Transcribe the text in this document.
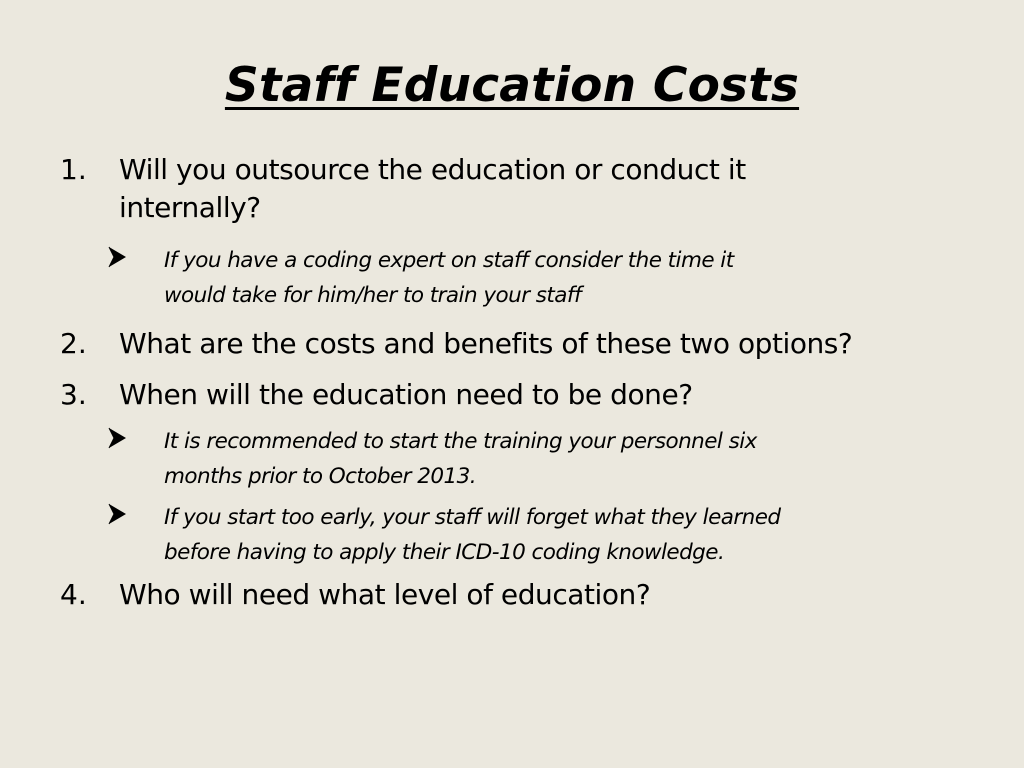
Staff Education Costs
1. Will you outsource the education or conduct it
internally?
If you have a coding expert on staff consider the time it
would take for him/her to train your staff
2. What are the costs and benefits of these two options?
3. When will the education need to be done?
It is recommended to start the training your personnel six
months prior to October 2013.
If you start too early, your staff will forget what they learned
before having to apply their ICD-10 coding knowledge.
4. Who will need what level of education?
